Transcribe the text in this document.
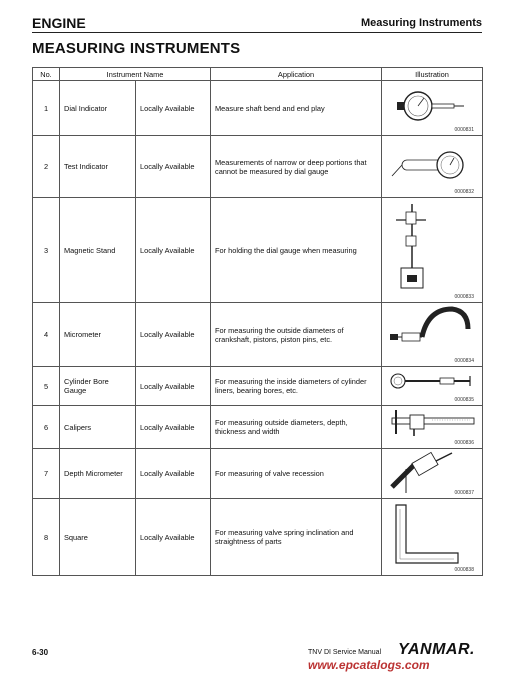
ENGINE	Measuring Instruments
MEASURING INSTRUMENTS
No.	Instrument Name		Application	Illustration
1	Dial Indicator	Locally Available	Measure shaft bend and end play	0000831

2	Test Indicator	Locally Available	Measurements of narrow or deep portions that cannot be measured by dial gauge	0000832

3	Magnetic Stand	Locally Available	For holding the dial gauge when measuring	0000833

4	Micrometer	Locally Available	For measuring the outside diameters of crankshaft, pistons, piston pins, etc.	0000834

5	Cylinder Bore Gauge	Locally Available	For measuring the inside diameters of cylinder liners, bearing bores, etc.	0000835

6	Calipers	Locally Available	For measuring outside diameters, depth, thickness and width	0000836

7	Depth Micrometer	Locally Available	For measuring of valve recession	0000837

8	Square	Locally Available	For measuring valve spring inclination and straightness of parts	0000838
6-30	TNV DI Service Manual YANMAR.
www.epcatalogs.com
